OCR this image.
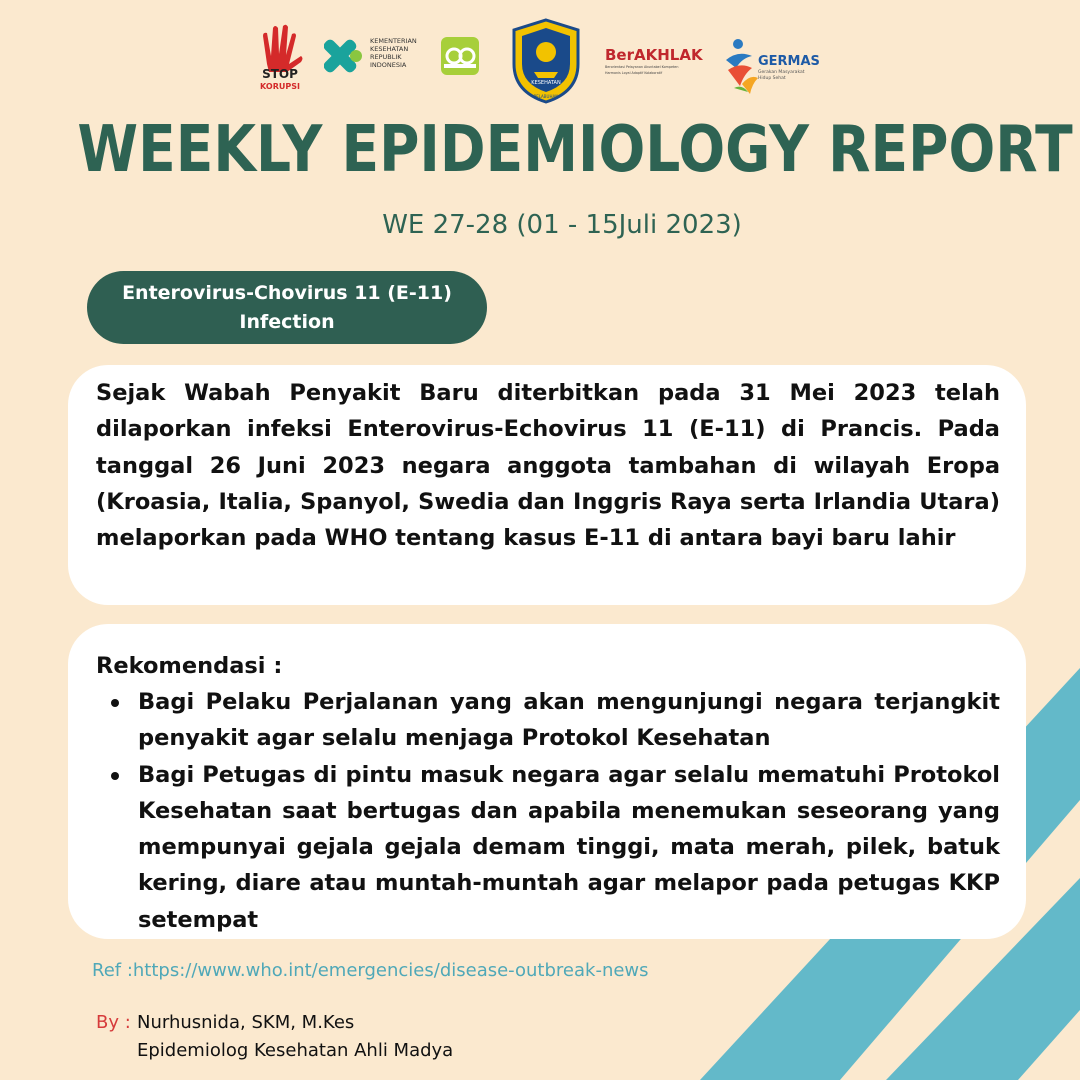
STOP
KORUPSI
KEMENTERIAN
KESEHATAN
REPUBLIK
INDONESIA
KESEHATAN
PELABUHAN
BerAKHLAK
Berorientasi Pelayanan Akuntabel Kompeten
Harmonis Loyal Adaptif Kolaboratif
GERMAS
Gerakan Masyarakat
Hidup Sehat
WEEKLY EPIDEMIOLOGY REPORT
WE 27-28 (01 - 15Juli 2023)
Enterovirus-Chovirus 11 (E-11)
Infection

Sejak Wabah Penyakit Baru diterbitkan pada 31 Mei 2023 telah dilaporkan infeksi Enterovirus-Echovirus 11 (E-11) di Prancis. Pada tanggal 26 Juni 2023 negara anggota tambahan di wilayah Eropa (Kroasia, Italia, Spanyol, Swedia dan Inggris Raya serta Irlandia Utara) melaporkan pada WHO tentang kasus E-11 di antara bayi baru lahir

Rekomendasi :

Bagi Pelaku Perjalanan yang akan mengunjungi negara terjangkit penyakit agar selalu menjaga Protokol Kesehatan
Bagi Petugas di pintu masuk negara agar selalu mematuhi Protokol Kesehatan saat bertugas dan apabila menemukan seseorang yang mempunyai gejala gejala demam tinggi, mata merah, pilek, batuk kering, diare atau muntah-muntah agar melapor pada petugas KKP setempat
Ref :https://www.who.int/emergencies/disease-outbreak-news
By : Nurhusnida, SKM, M.Kes
Epidemiolog Kesehatan Ahli Madya
